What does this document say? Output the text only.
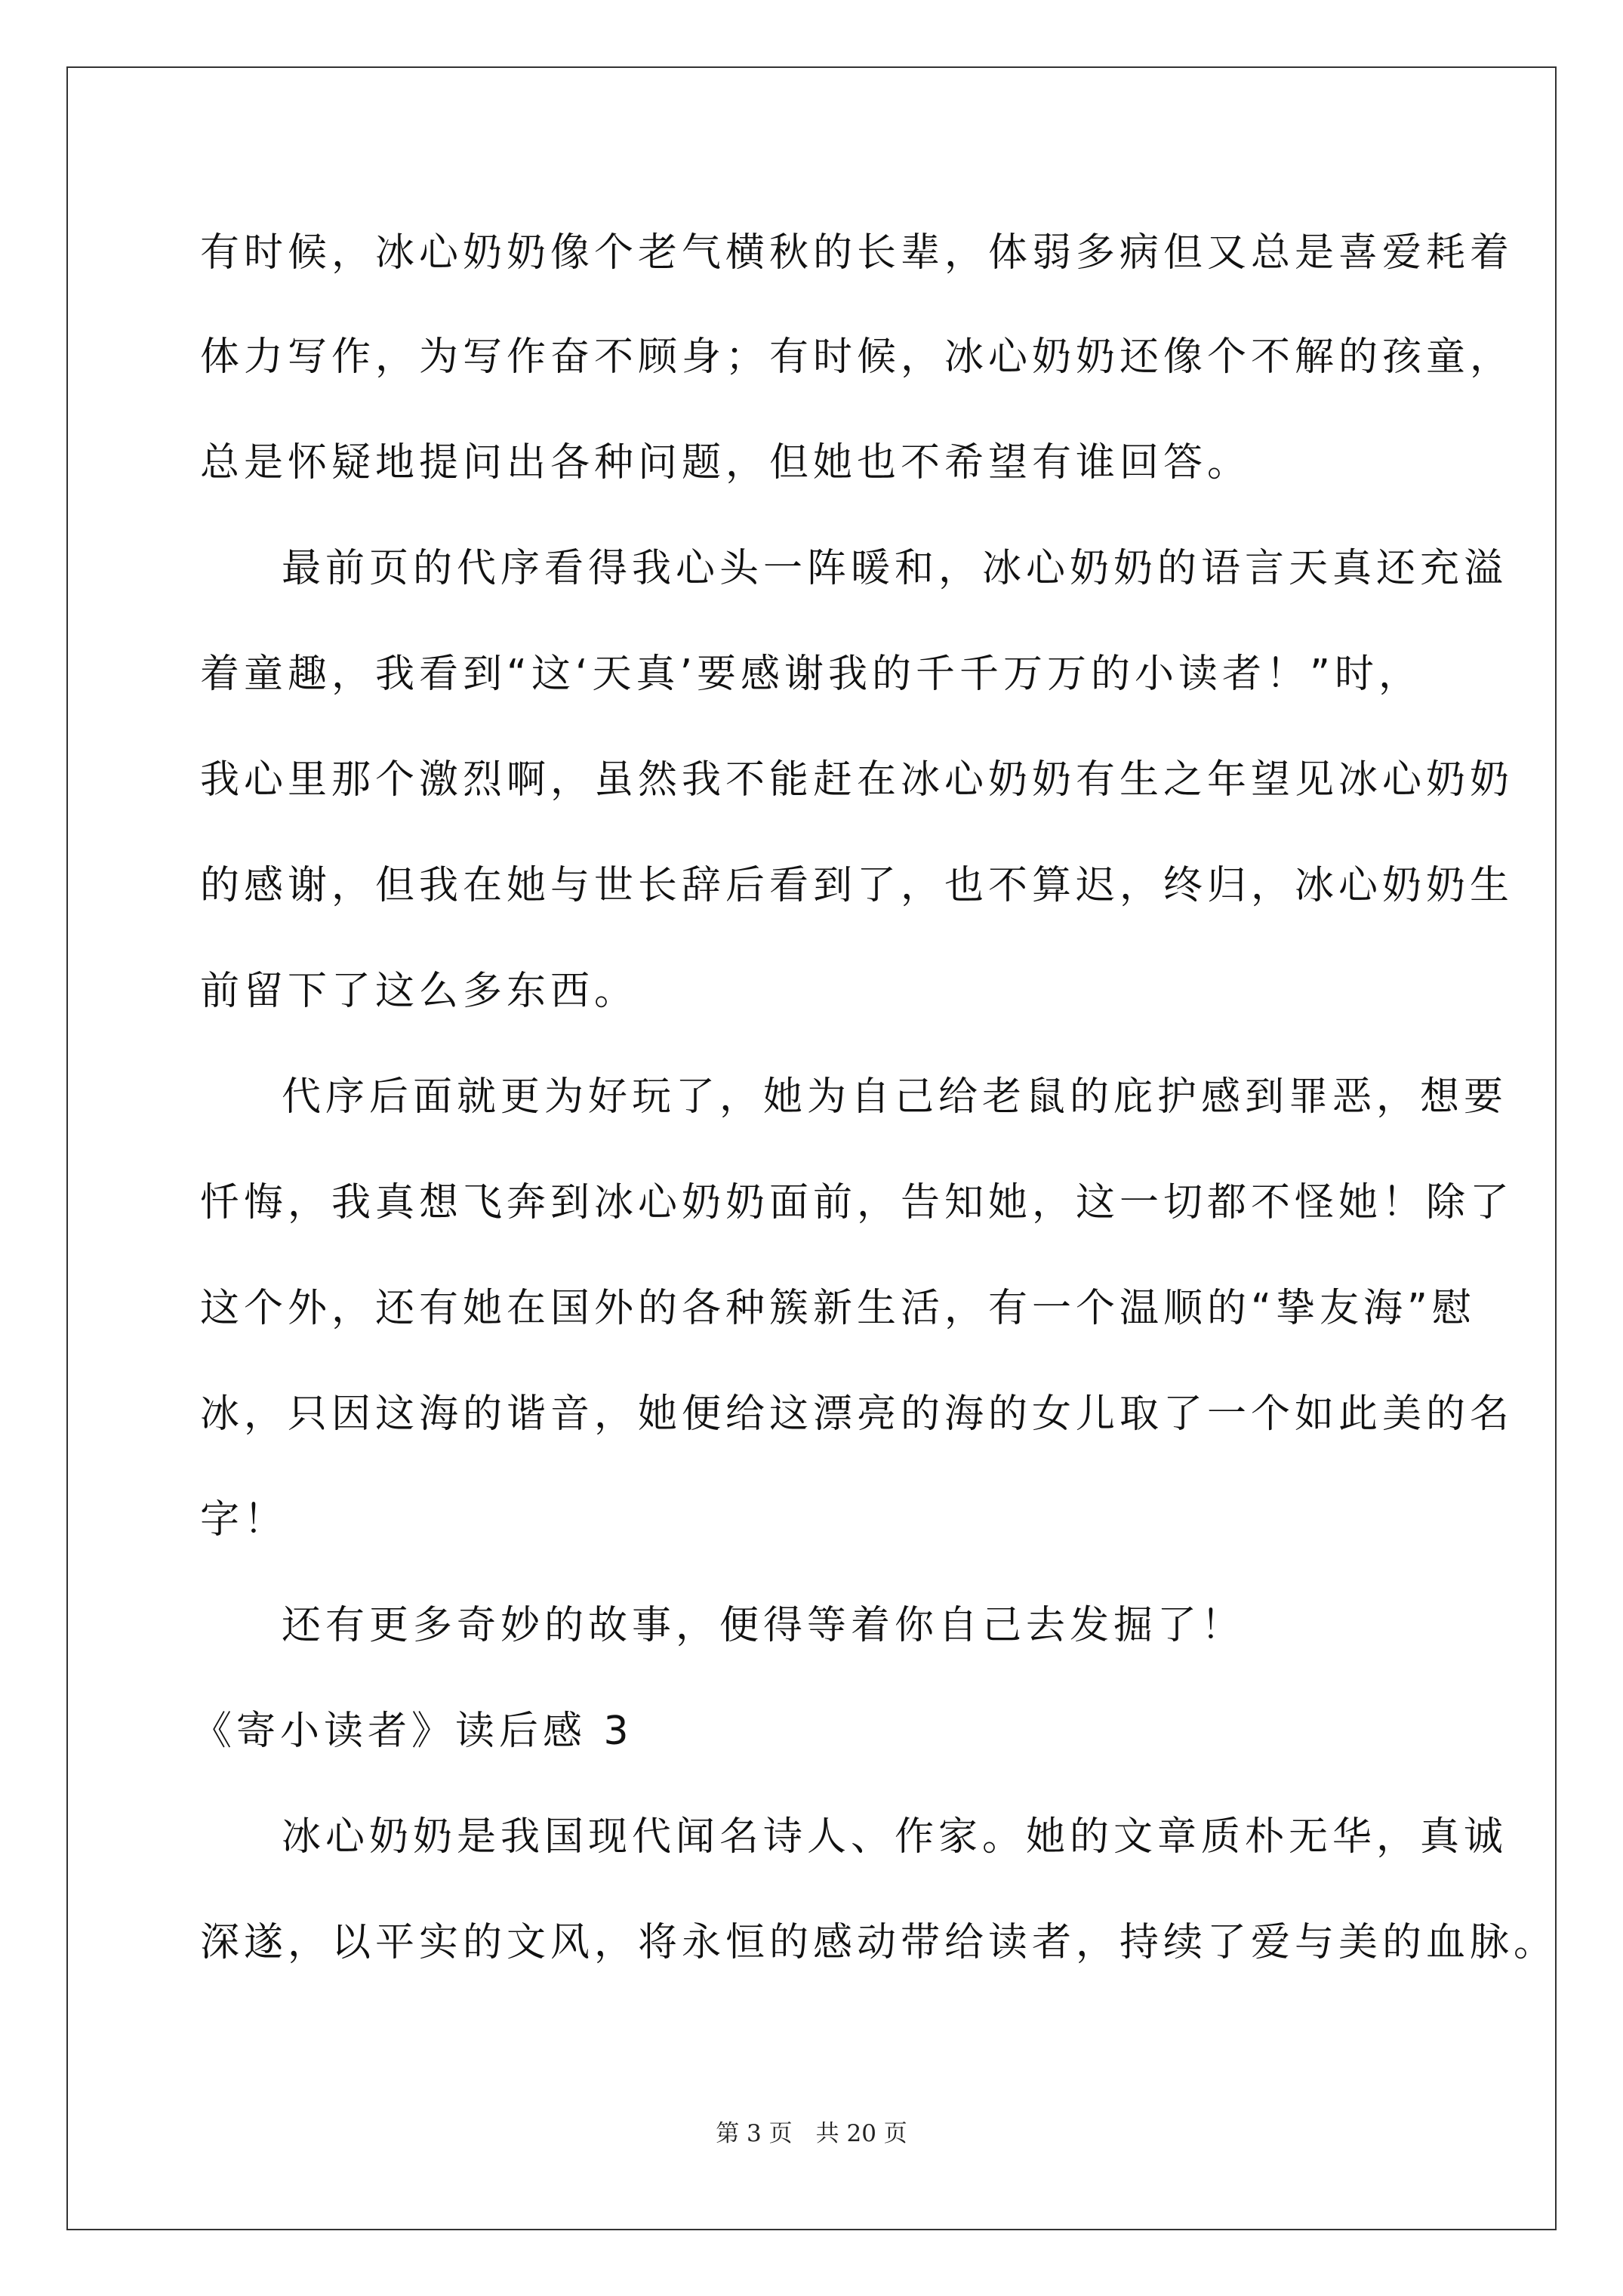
有时候，冰心奶奶像个老气横秋的长辈，体弱多病但又总是喜爱耗着
体力写作，为写作奋不顾身；有时候，冰心奶奶还像个不解的孩童，
总是怀疑地提问出各种问题，但她也不希望有谁回答。
最前页的代序看得我心头一阵暖和，冰心奶奶的语言天真还充溢
着童趣，我看到“这‘天真’要感谢我的千千万万的小读者！”时，
我心里那个激烈啊，虽然我不能赶在冰心奶奶有生之年望见冰心奶奶
的感谢，但我在她与世长辞后看到了，也不算迟，终归，冰心奶奶生
前留下了这么多东西。
代序后面就更为好玩了，她为自己给老鼠的庇护感到罪恶，想要
忏悔，我真想飞奔到冰心奶奶面前，告知她，这一切都不怪她！除了
这个外，还有她在国外的各种簇新生活，有一个温顺的“挚友海”慰
冰，只因这海的谐音，她便给这漂亮的海的女儿取了一个如此美的名
字！
还有更多奇妙的故事，便得等着你自己去发掘了！
《寄小读者》读后感 3
冰心奶奶是我国现代闻名诗人、作家。她的文章质朴无华，真诚
深遂，以平实的文风，将永恒的感动带给读者，持续了爱与美的血脉。
第 3 页　共 20 页
